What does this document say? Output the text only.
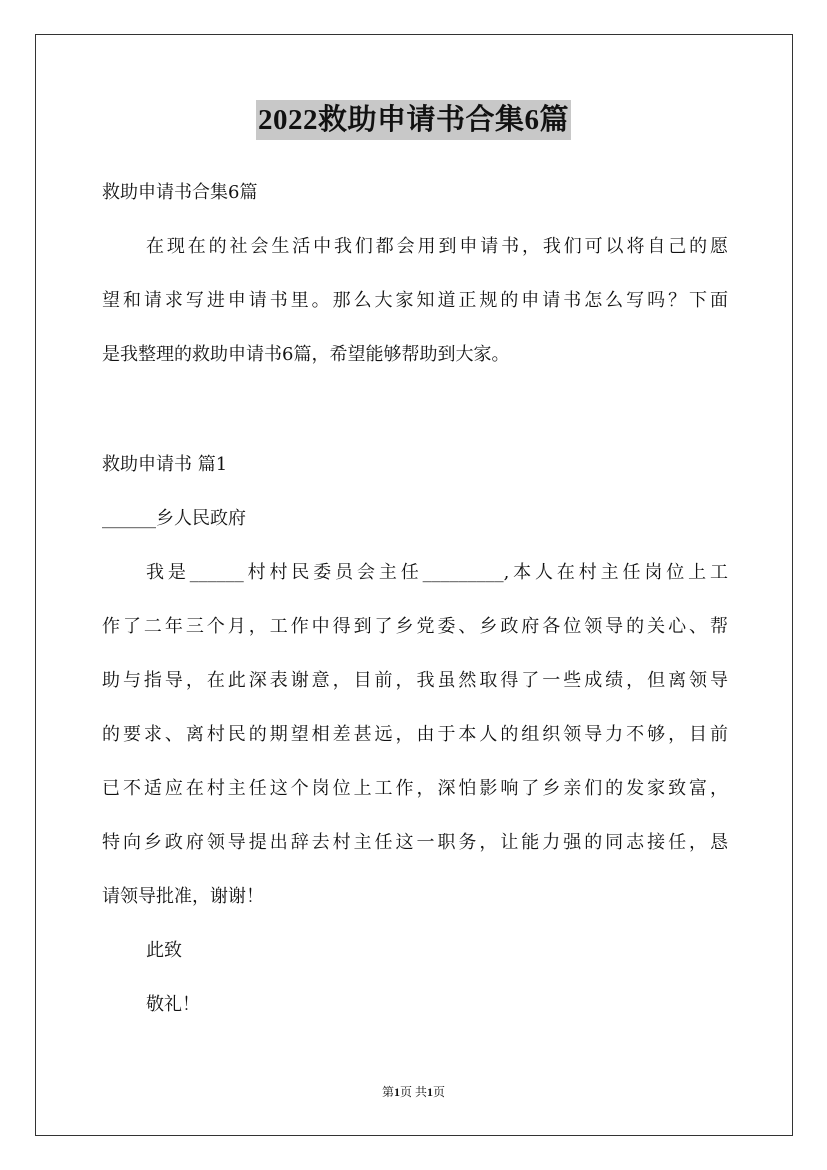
2022救助申请书合集6篇
救助申请书合集6篇
在现在的社会生活中我们都会用到申请书，我们可以将自己的愿
望和请求写进申请书里。那么大家知道正规的申请书怎么写吗？下面
是我整理的救助申请书6篇，希望能够帮助到大家。
救助申请书 篇1
______乡人民政府
我是______村村民委员会主任_________,本人在村主任岗位上工
作了二年三个月，工作中得到了乡党委、乡政府各位领导的关心、帮
助与指导，在此深表谢意，目前，我虽然取得了一些成绩，但离领导
的要求、离村民的期望相差甚远，由于本人的组织领导力不够，目前
已不适应在村主任这个岗位上工作，深怕影响了乡亲们的发家致富，
特向乡政府领导提出辞去村主任这一职务，让能力强的同志接任，恳
请领导批准，谢谢！
此致
敬礼！
第1页 共1页
